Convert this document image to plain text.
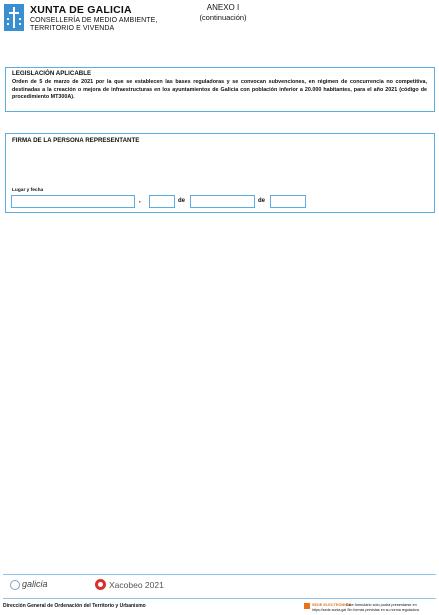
XUNTA DE GALICIA
CONSELLERÍA DE MEDIO AMBIENTE,
TERRITORIO E VIVENDA
ANEXO I
(continuación)
LEGISLACIÓN APLICABLE
Orden de 5 de marzo de 2021 por la que se establecen las bases reguladoras y se convocan subvenciones, en régimen de concurrencia no competitiva, destinadas a la creación o mejora de infraestructuras en los ayuntamientos de Galicia con población inferior a 20.000 habitantes, para el año 2021 (código de procedimiento MT300A).
FIRMA DE LA PERSONA REPRESENTANTE
Lugar y fecha
,	de	de
galicia	Xacobeo 2021
Dirección General de Ordenación del Territorio y Urbanismo	SEDE ELECTRÓNICA
Este formulario sólo podrá presentarse en
https://sede.xunta.gal Sin formas previstas en su norma reguladora
